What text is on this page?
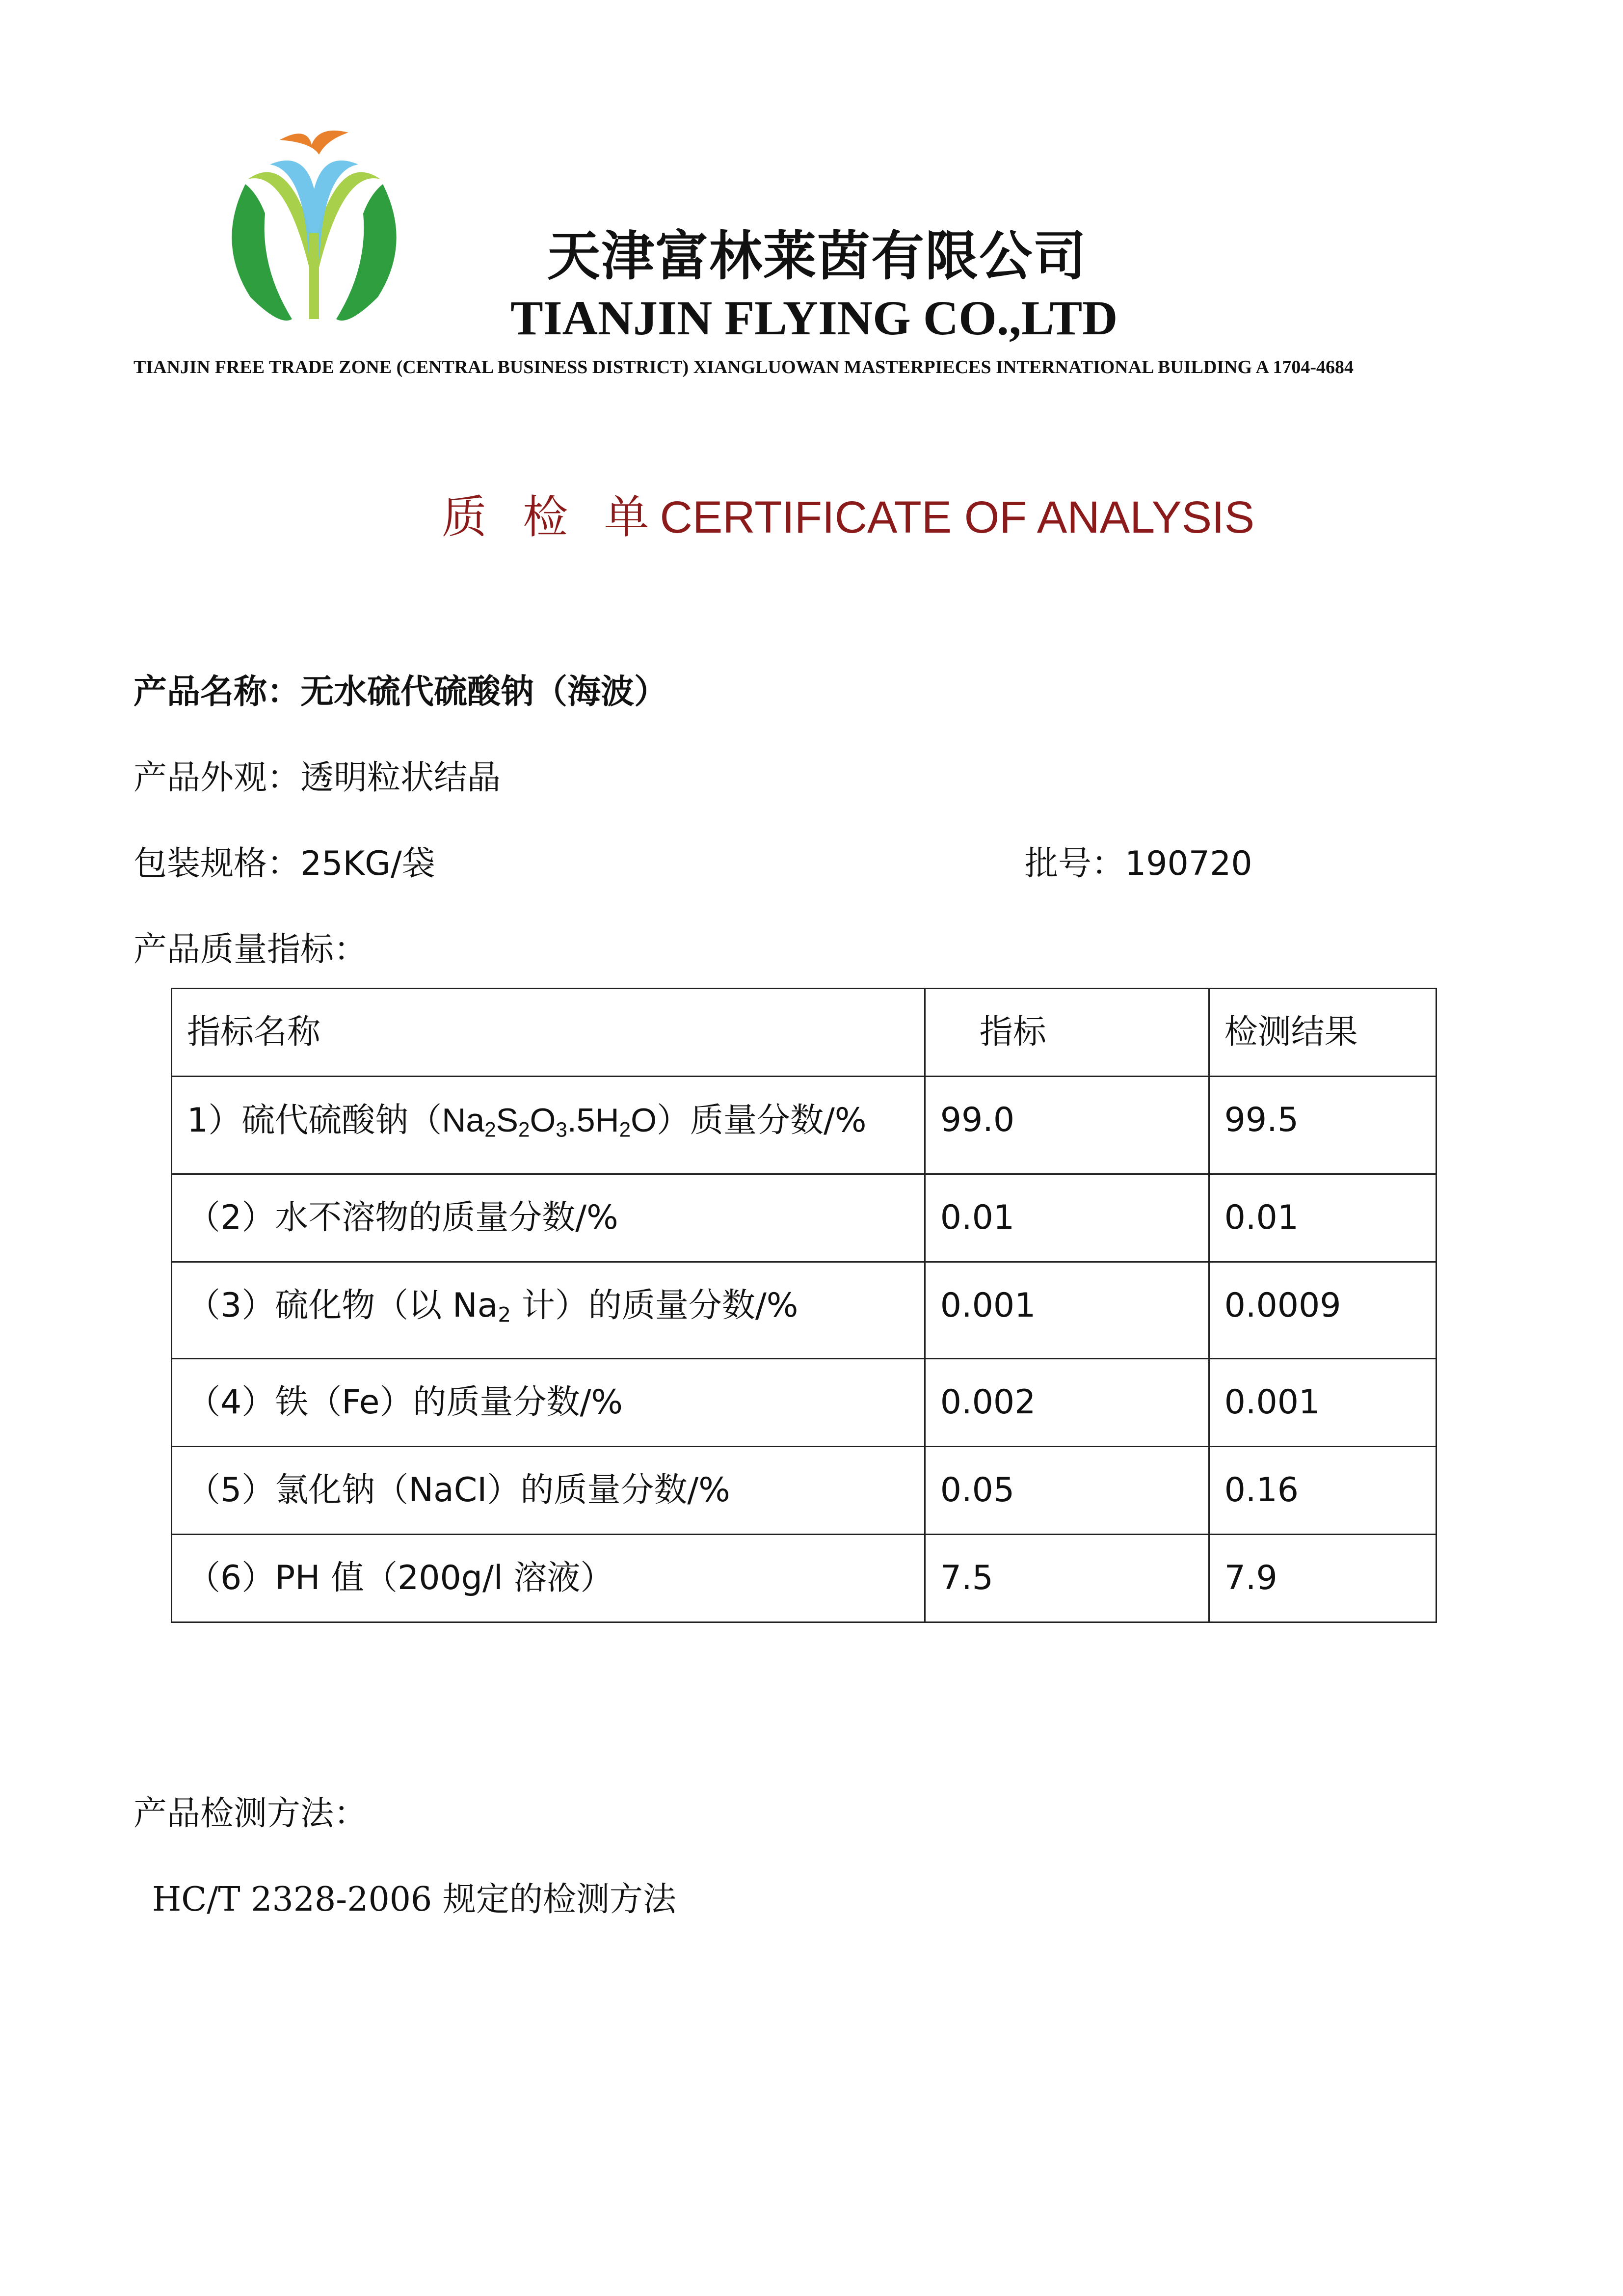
天津富林莱茵有限公司
TIANJIN FLYING CO.,LTD
TIANJIN FREE TRADE ZONE (CENTRAL BUSINESS DISTRICT) XIANGLUOWAN MASTERPIECES INTERNATIONAL BUILDING A 1704-4684
质 检 单CERTIFICATE OF ANALYSIS
产品名称：无水硫代硫酸钠（海波）
产品外观：透明粒状结晶
包装规格：25KG/袋	批号：190720
产品质量指标：
指标名称	指标	检测结果
1）硫代硫酸钠$(Na_2S_2O_3.5H_2O)$质量分数/%	99.0	99.5
（2）水不溶物的质量分数/%	0.01	0.01
（3）硫化物（以 $Na_2$ 计）的质量分数/%	0.001	0.0009
（4）铁（Fe）的质量分数/%	0.002	0.001
（5）氯化钠（NaCI）的质量分数/%	0.05	0.16
（6）PH 值（200g/l 溶液）	7.5	7.9
产品检测方法：
HC/T 2328-2006 规定的检测方法
